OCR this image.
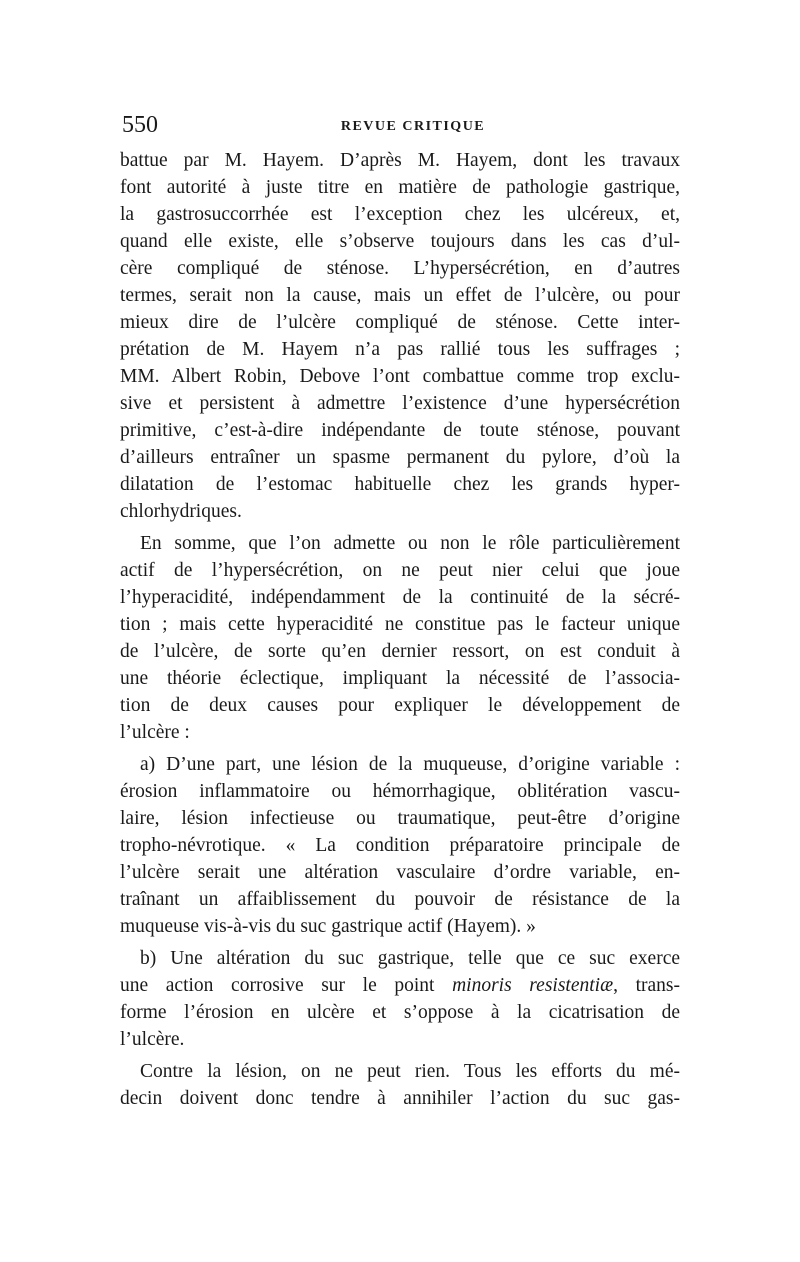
550	REVUE CRITIQUE
battue par M. Hayem. D’après M. Hayem, dont les travaux
font autorité à juste titre en matière de pathologie gastrique,
la gastrosuccorrhée est l’exception chez les ulcéreux, et,
quand elle existe, elle s’observe toujours dans les cas d’ul-
cère compliqué de sténose. L’hypersécrétion, en d’autres
termes, serait non la cause, mais un effet de l’ulcère, ou pour
mieux dire de l’ulcère compliqué de sténose. Cette inter-
prétation de M. Hayem n’a pas rallié tous les suffrages ;
MM. Albert Robin, Debove l’ont combattue comme trop exclu-
sive et persistent à admettre l’existence d’une hypersécrétion
primitive, c’est-à-dire indépendante de toute sténose, pouvant
d’ailleurs entraîner un spasme permanent du pylore, d’où la
dilatation de l’estomac habituelle chez les grands hyper-
chlorhydriques.
En somme, que l’on admette ou non le rôle particulièrement
actif de l’hypersécrétion, on ne peut nier celui que joue
l’hyperacidité, indépendamment de la continuité de la sécré-
tion ; mais cette hyperacidité ne constitue pas le facteur unique
de l’ulcère, de sorte qu’en dernier ressort, on est conduit à
une théorie éclectique, impliquant la nécessité de l’associa-
tion de deux causes pour expliquer le développement de
l’ulcère :
a) D’une part, une lésion de la muqueuse, d’origine variable :
érosion inflammatoire ou hémorrhagique, oblitération vascu-
laire, lésion infectieuse ou traumatique, peut-être d’origine
tropho-névrotique. « La condition préparatoire principale de
l’ulcère serait une altération vasculaire d’ordre variable, en-
traînant un affaiblissement du pouvoir de résistance de la
muqueuse vis-à-vis du suc gastrique actif (Hayem). »
b) Une altération du suc gastrique, telle que ce suc exerce
une action corrosive sur le point minoris resistentiæ, trans-
forme l’érosion en ulcère et s’oppose à la cicatrisation de
l’ulcère.
Contre la lésion, on ne peut rien. Tous les efforts du mé-
decin doivent donc tendre à annihiler l’action du suc gas-
